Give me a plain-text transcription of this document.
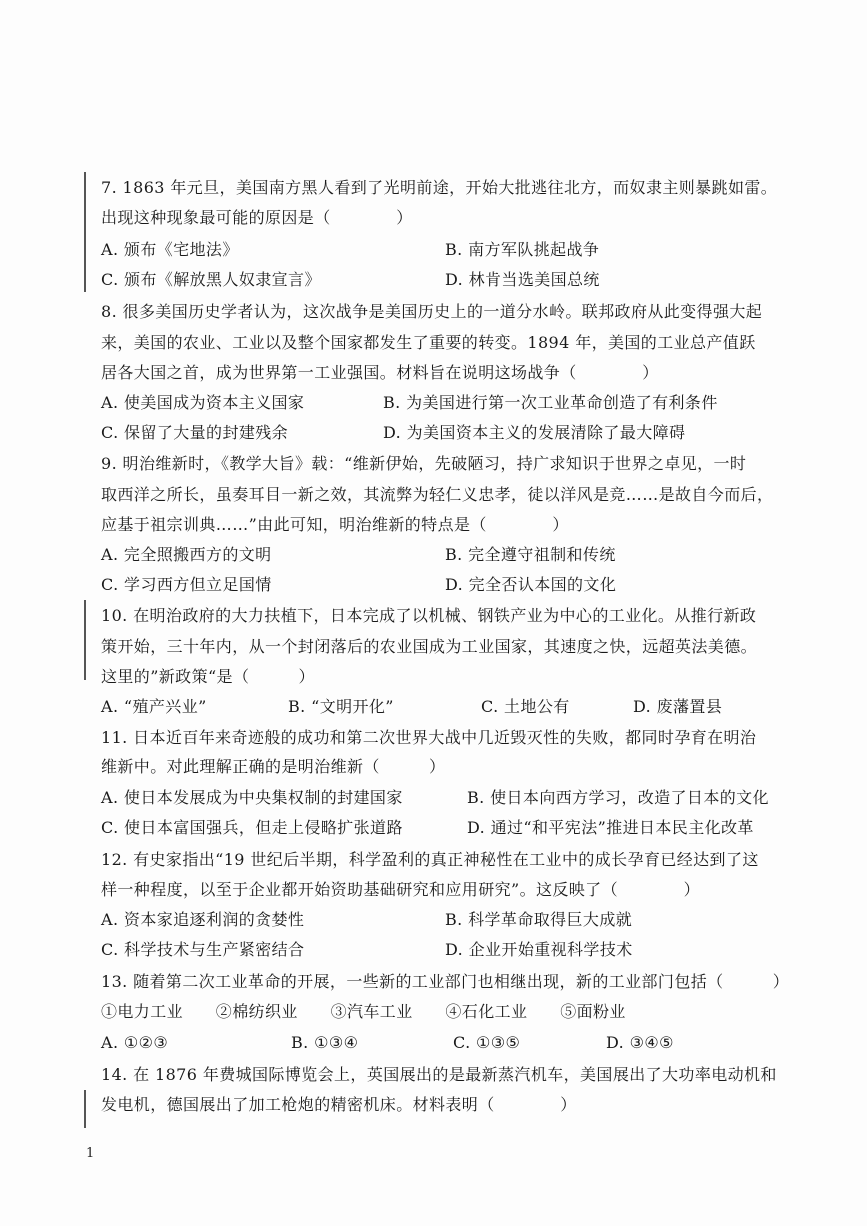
7. 1863 年元旦，美国南方黑人看到了光明前途，开始大批逃往北方，而奴隶主则暴跳如雷。
出现这种现象最可能的原因是（　　　　）
A. 颁布《宅地法》	B. 南方军队挑起战争
C. 颁布《解放黑人奴隶宣言》	D. 林肯当选美国总统
8. 很多美国历史学者认为，这次战争是美国历史上的一道分水岭。联邦政府从此变得强大起
来，美国的农业、工业以及整个国家都发生了重要的转变。1894 年，美国的工业总产值跃
居各大国之首，成为世界第一工业强国。材料旨在说明这场战争（　　　　）
A. 使美国成为资本主义国家	B. 为美国进行第一次工业革命创造了有利条件
C. 保留了大量的封建残余	D. 为美国资本主义的发展清除了最大障碍
9. 明治维新时，《教学大旨》载：“维新伊始，先破陋习，持广求知识于世界之卓见，一时
取西洋之所长，虽奏耳目一新之效，其流弊为轻仁义忠孝，徒以洋风是竞……是故自今而后，
应基于祖宗训典……”由此可知，明治维新的特点是（　　　　）
A. 完全照搬西方的文明	B. 完全遵守祖制和传统
C. 学习西方但立足国情	D. 完全否认本国的文化
10. 在明治政府的大力扶植下，日本完成了以机械、钢铁产业为中心的工业化。从推行新政
策开始，三十年内，从一个封闭落后的农业国成为工业国家，其速度之快，远超英法美德。
这里的”新政策“是（　　　）
A. “殖产兴业”	B. “文明开化”	C. 土地公有	D. 废藩置县
11. 日本近百年来奇迹般的成功和第二次世界大战中几近毁灭性的失败，都同时孕育在明治
维新中。对此理解正确的是明治维新（　　　）
A. 使日本发展成为中央集权制的封建国家	B. 使日本向西方学习，改造了日本的文化
C. 使日本富国强兵，但走上侵略扩张道路	D. 通过“和平宪法”推进日本民主化改革
12. 有史家指出“19 世纪后半期，科学盈利的真正神秘性在工业中的成长孕育已经达到了这
样一种程度，以至于企业都开始资助基础研究和应用研究”。这反映了（　　　　）
A. 资本家追逐利润的贪婪性	B. 科学革命取得巨大成就
C. 科学技术与生产紧密结合	D. 企业开始重视科学技术
13. 随着第二次工业革命的开展，一些新的工业部门也相继出现，新的工业部门包括（　　　）
①电力工业　　②棉纺织业　　③汽车工业　　④石化工业　　⑤面粉业
A. ①②③	B. ①③④	C. ①③⑤	D. ③④⑤
14. 在 1876 年费城国际博览会上，英国展出的是最新蒸汽机车，美国展出了大功率电动机和
发电机，德国展出了加工枪炮的精密机床。材料表明（　　　　）
1
